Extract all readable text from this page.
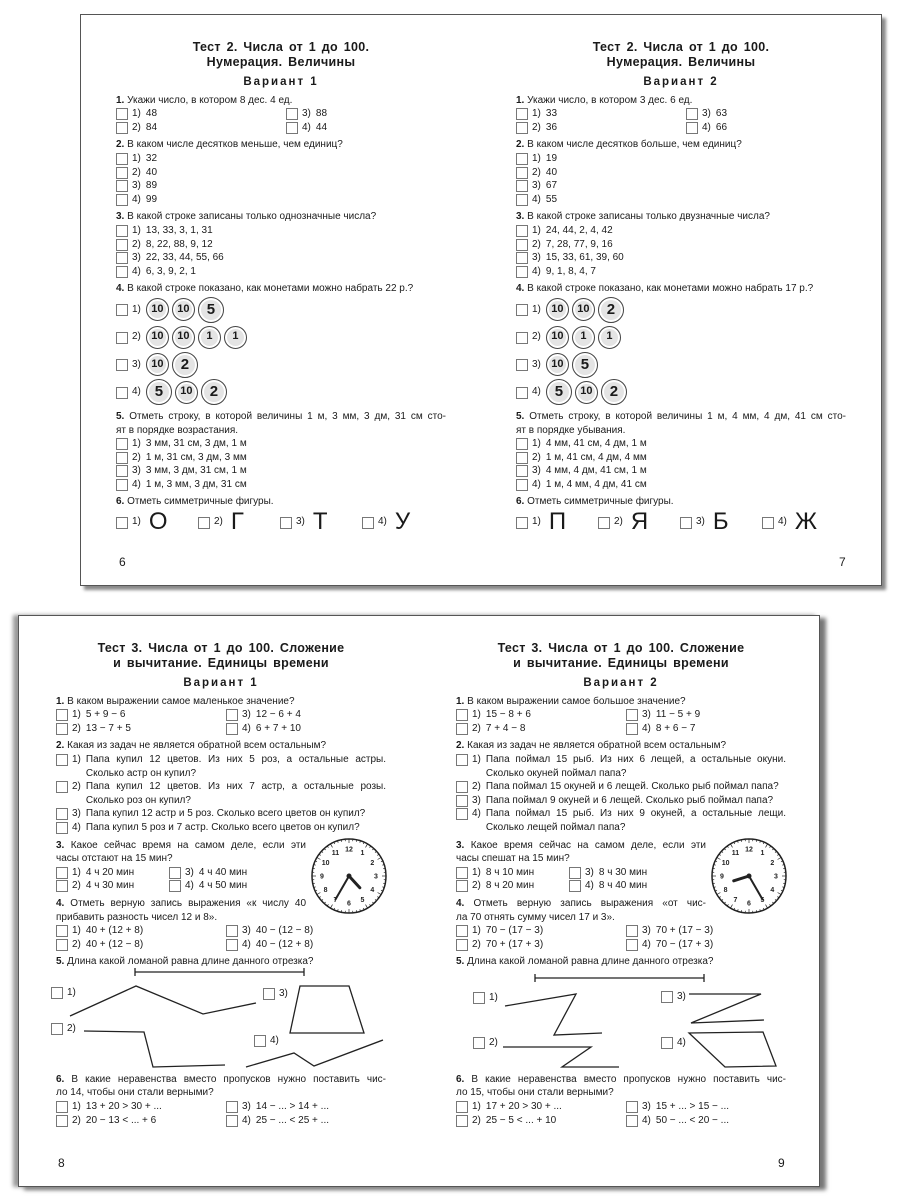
Тест 2. Числа от 1 до 100.
Нумерация. Величины
Вариант 1
1. Укажи число, в котором 8 дес. 4 ед.
1) 48
2) 84
3) 88
4) 44
2. В каком числе десятков меньше, чем единиц?
1) 32
2) 40
3) 89
4) 99
3. В какой строке записаны только однозначные числа?
1) 13, 33, 3, 1, 31
2) 8, 22, 88, 9, 12
3) 22, 33, 44, 55, 66
4) 6, 3, 9, 2, 1
4. В какой строке показано, как монетами можно набрать 22 р.?
1) 10	10	5
2) 10	10	1	1
3) 10	2
4) 5	10	2
5. Отметь строку, в которой величины 1 м, 3 мм, 3 дм, 31 см сто-
ят в порядке возрастания.
1) 3 мм, 31 см, 3 дм, 1 м
2) 1 м, 31 см, 3 дм, 3 мм
3) 3 мм, 3 дм, 31 см, 1 м
4) 1 м, 3 мм, 3 дм, 31 см
6. Отметь симметричные фигуры.
1) О	2) Г	3) Т	4) У
6
Тест 2. Числа от 1 до 100.
Нумерация. Величины
Вариант 2
1. Укажи число, в котором 3 дес. 6 ед.
1) 33
2) 36
3) 63
4) 66
2. В каком числе десятков больше, чем единиц?
1) 19
2) 40
3) 67
4) 55
3. В какой строке записаны только двузначные числа?
1) 24, 44, 2, 4, 42
2) 7, 28, 77, 9, 16
3) 15, 33, 61, 39, 60
4) 9, 1, 8, 4, 7
4. В какой строке показано, как монетами можно набрать 17 р.?
1) 10	10	2
2) 10	1	1
3) 10	5
4) 5	10	2
5. Отметь строку, в которой величины 1 м, 4 мм, 4 дм, 41 см сто-
ят в порядке убывания.
1) 4 мм, 41 см, 4 дм, 1 м
2) 1 м, 41 см, 4 дм, 4 мм
3) 4 мм, 4 дм, 41 см, 1 м
4) 1 м, 4 мм, 4 дм, 41 см
6. Отметь симметричные фигуры.
1) П	2) Я	3) Б	4) Ж
7
Тест 3. Числа от 1 до 100. Сложение
и вычитание. Единицы времени
Вариант 1
1. В каком выражении самое маленькое значение?
1) 5 + 9 − 6
2) 13 − 7 + 5
3) 12 − 6 + 4
4) 6 + 7 + 10
2. Какая из задач не является обратной всем остальным?
1) Папа купил 12 цветов. Из них 5 роз, а остальные астры.
Сколько астр он купил?
2) Папа купил 12 цветов. Из них 7 астр, а остальные розы.
Сколько роз он купил?
3) Папа купил 12 астр и 5 роз. Сколько всего цветов он купил?
4) Папа купил 5 роз и 7 астр. Сколько всего цветов он купил?
3. Какое сейчас время на самом деле, если эти
часы отстают на 15 мин?
1) 4 ч 20 мин
2) 4 ч 30 мин
3) 4 ч 40 мин
4) 4 ч 50 мин
12
1
2
3
4
5
6
7
8
9
10
11
4. Отметь верную запись выражения «к числу 40
прибавить разность чисел 12 и 8».
1) 40 + (12 + 8)
2) 40 + (12 − 8)
3) 40 − (12 − 8)
4) 40 − (12 + 8)
5. Длина какой ломаной равна длине данного отрезка?
1)
2)
3)
4)
6. В какие неравенства вместо пропусков нужно поставить чис-
ло 14, чтобы они стали верными?
1) 13 + 20 > 30 + ...
2) 20 − 13 < ... + 6
3) 14 − ... > 14 + ...
4) 25 − ... < 25 + ...
8
Тест 3. Числа от 1 до 100. Сложение
и вычитание. Единицы времени
Вариант 2
1. В каком выражении самое большое значение?
1) 15 − 8 + 6
2) 7 + 4 − 8
3) 11 − 5 + 9
4) 8 + 6 − 7
2. Какая из задач не является обратной всем остальным?
1) Папа поймал 15 рыб. Из них 6 лещей, а остальные окуни.
Сколько окуней поймал папа?
2) Папа поймал 15 окуней и 6 лещей. Сколько рыб поймал папа?
3) Папа поймал 9 окуней и 6 лещей. Сколько рыб поймал папа?
4) Папа поймал 15 рыб. Из них 9 окуней, а остальные лещи.
Сколько лещей поймал папа?
3. Какое время сейчас на самом деле, если эти
часы спешат на 15 мин?
1) 8 ч 10 мин
2) 8 ч 20 мин
3) 8 ч 30 мин
4) 8 ч 40 мин
12
1
2
3
4
5
6
7
8
9
10
11
4. Отметь верную запись выражения «от чис-
ла 70 отнять сумму чисел 17 и 3».
1) 70 − (17 − 3)
2) 70 + (17 + 3)
3) 70 + (17 − 3)
4) 70 − (17 + 3)
5. Длина какой ломаной равна длине данного отрезка?
1)
2)
3)
4)
6. В какие неравенства вместо пропусков нужно поставить чис-
ло 15, чтобы они стали верными?
1) 17 + 20 > 30 + ...
2) 25 − 5 < ... + 10
3) 15 + ... > 15 − ...
4) 50 − ... < 20 − ...
9
